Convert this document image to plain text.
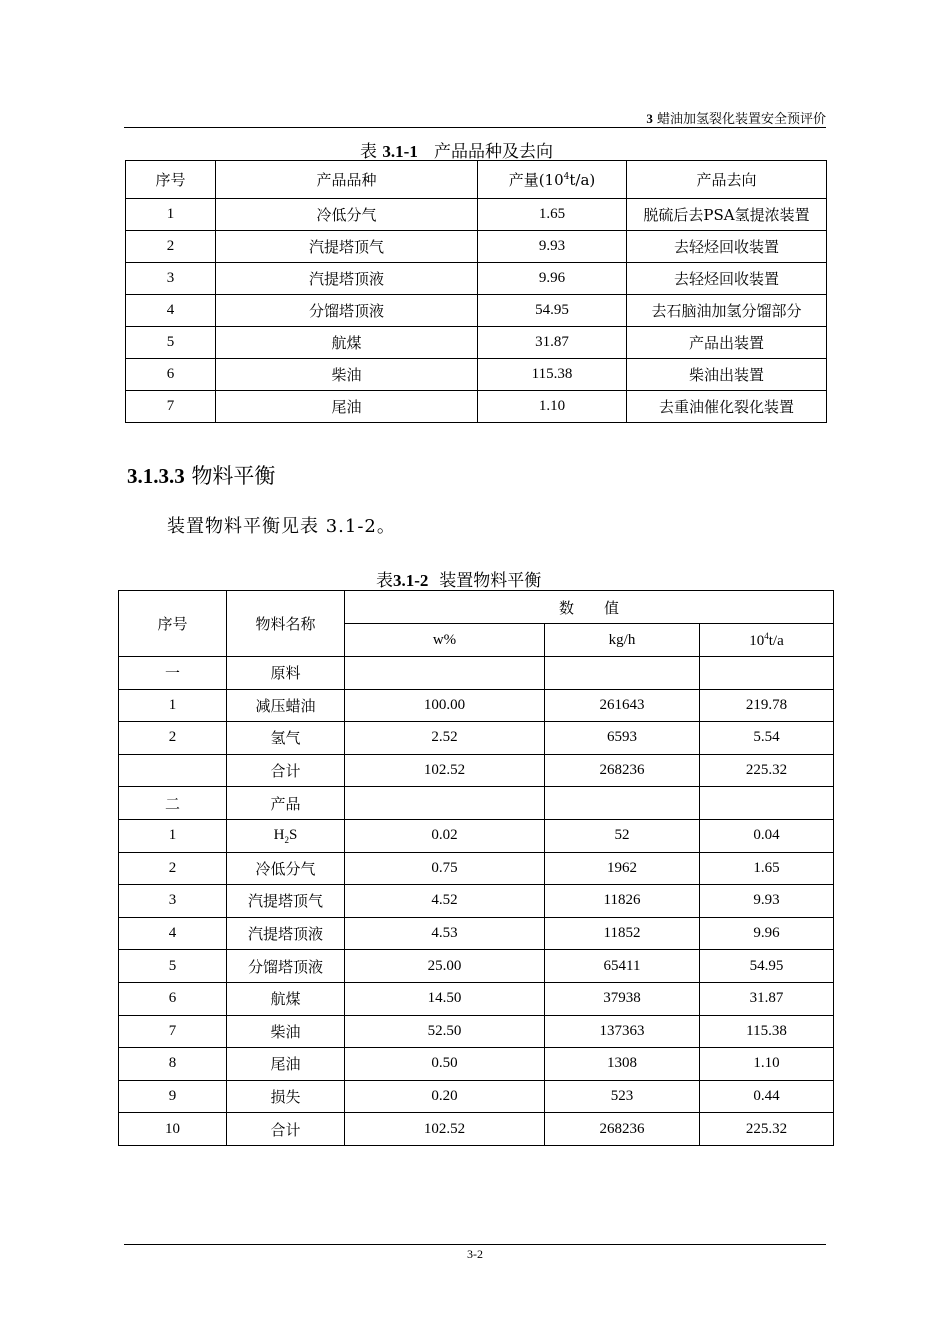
3 蜡油加氢裂化装置安全预评价
表 3.1-1 产品品种及去向
序号	产品品种	产量$(10^4t/a)$	产品去向
1	冷低分气	1.65	脱硫后去PSA氢提浓装置
2	汽提塔顶气	9.93	去轻烃回收装置
3	汽提塔顶液	9.96	去轻烃回收装置
4	分馏塔顶液	54.95	去石脑油加氢分馏部分
5	航煤	31.87	产品出装置
6	柴油	115.38	柴油出装置
7	尾油	1.10	去重油催化裂化装置
3.1.3.3 物料平衡
装置物料平衡见表 3.1-2。
表3.1-2 装置物料平衡
序号	物料名称	数　　值		
		w%	kg/h	$10^4t/a$
一	原料			
1	减压蜡油	100.00	261643	219.78
2	氢气	2.52	6593	5.54
	合计	102.52	268236	225.32
二	产品			
1	$H_2S$	0.02	52	0.04
2	冷低分气	0.75	1962	1.65
3	汽提塔顶气	4.52	11826	9.93
4	汽提塔顶液	4.53	11852	9.96
5	分馏塔顶液	25.00	65411	54.95
6	航煤	14.50	37938	31.87
7	柴油	52.50	137363	115.38
8	尾油	0.50	1308	1.10
9	损失	0.20	523	0.44
10	合计	102.52	268236	225.32
3-2
